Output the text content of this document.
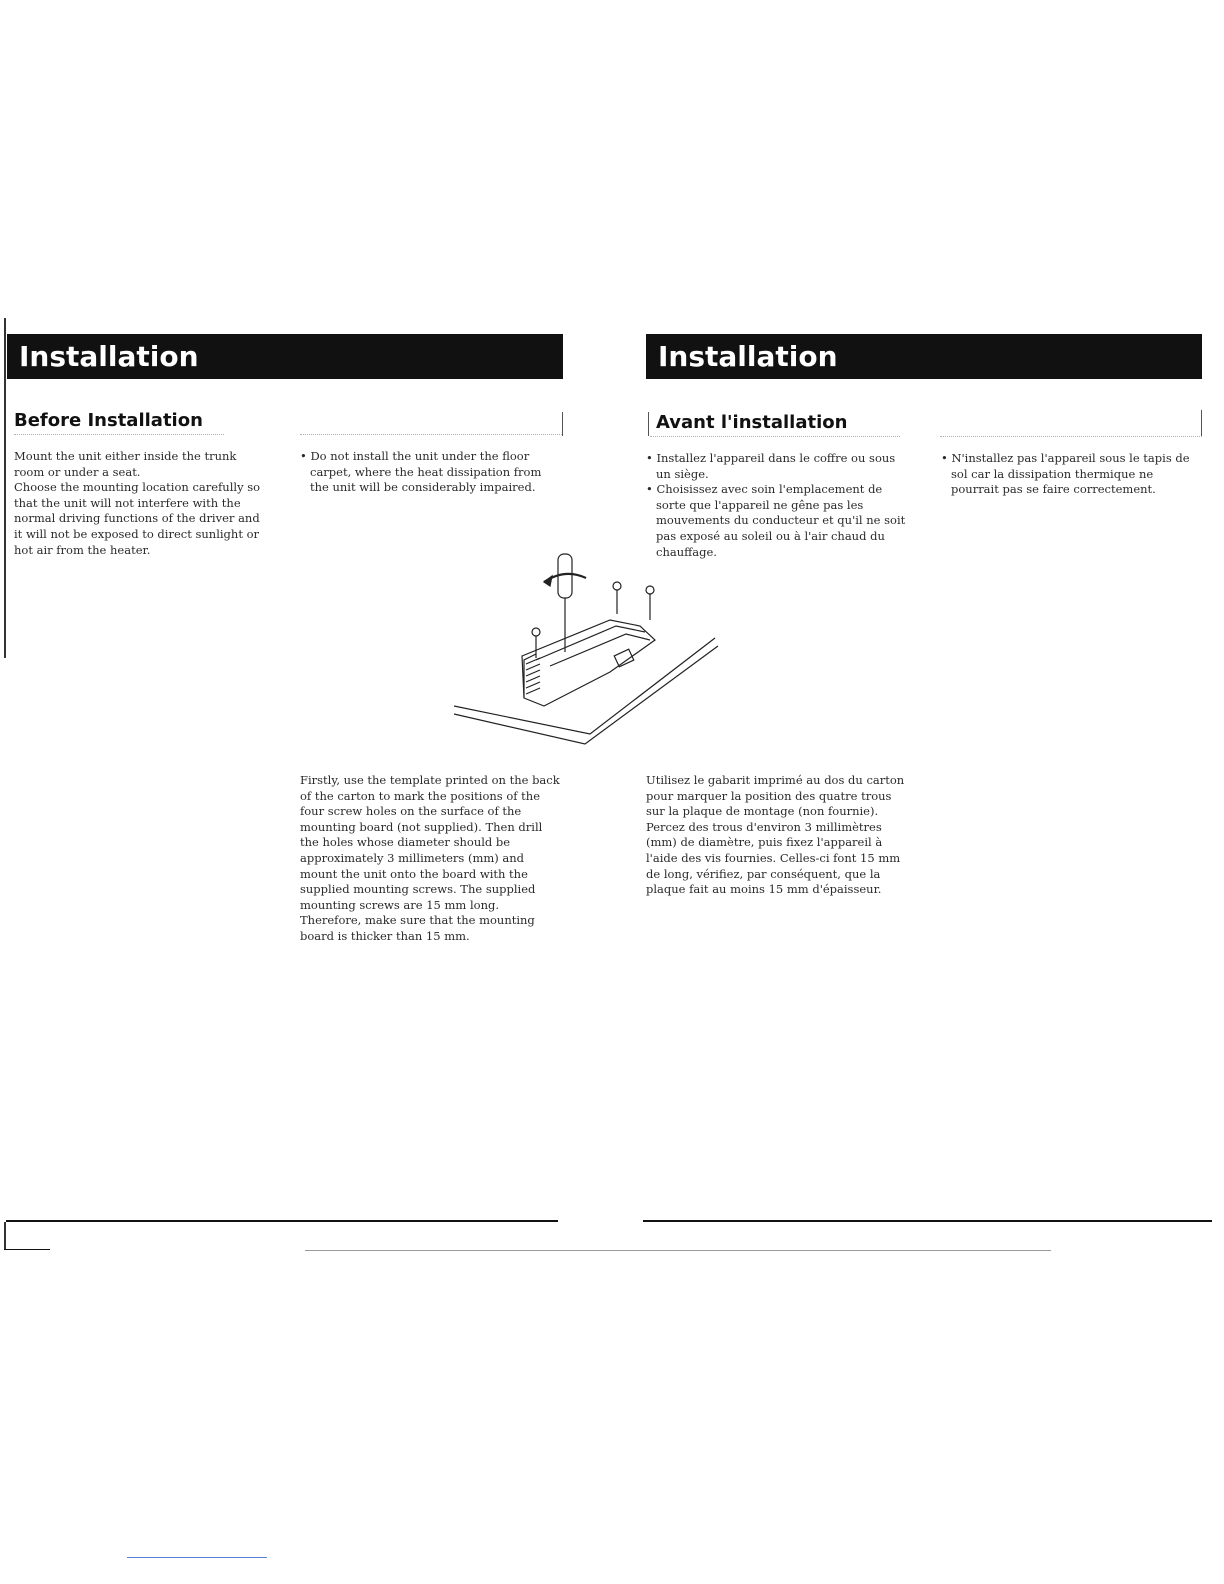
Installation
Before Installation

Mount the unit either inside the trunk room or under a seat.

Choose the mounting location carefully so that the unit will not interfere with the normal driving functions of the driver and it will not be exposed to direct sunlight or hot air from the heater.

• Do not install the unit under the floor carpet, where the heat dissipation from the unit will be considerably impaired.

Installation
Avant l'installation

• Installez l'appareil dans le coffre ou sous un siège.

• Choisissez avec soin l'emplacement de sorte que l'appareil ne gêne pas les mouvements du conducteur et qu'il ne soit pas exposé au soleil ou à l'air chaud du chauffage.

• N'installez pas l'appareil sous le tapis de sol car la dissipation thermique ne pourrait pas se faire correctement.

Firstly, use the template printed on the back of the carton to mark the positions of the four screw holes on the surface of the mounting board (not supplied). Then drill the holes whose diameter should be approximately 3 millimeters (mm) and mount the unit onto the board with the supplied mounting screws. The supplied mounting screws are 15 mm long. Therefore, make sure that the mounting board is thicker than 15 mm.
Utilisez le gabarit imprimé au dos du carton pour marquer la position des quatre trous sur la plaque de montage (non fournie). Percez des trous d'environ 3 millimètres (mm) de diamètre, puis fixez l'appareil à l'aide des vis fournies. Celles-ci font 15 mm de long, vérifiez, par conséquent, que la plaque fait au moins 15 mm d'épaisseur.
